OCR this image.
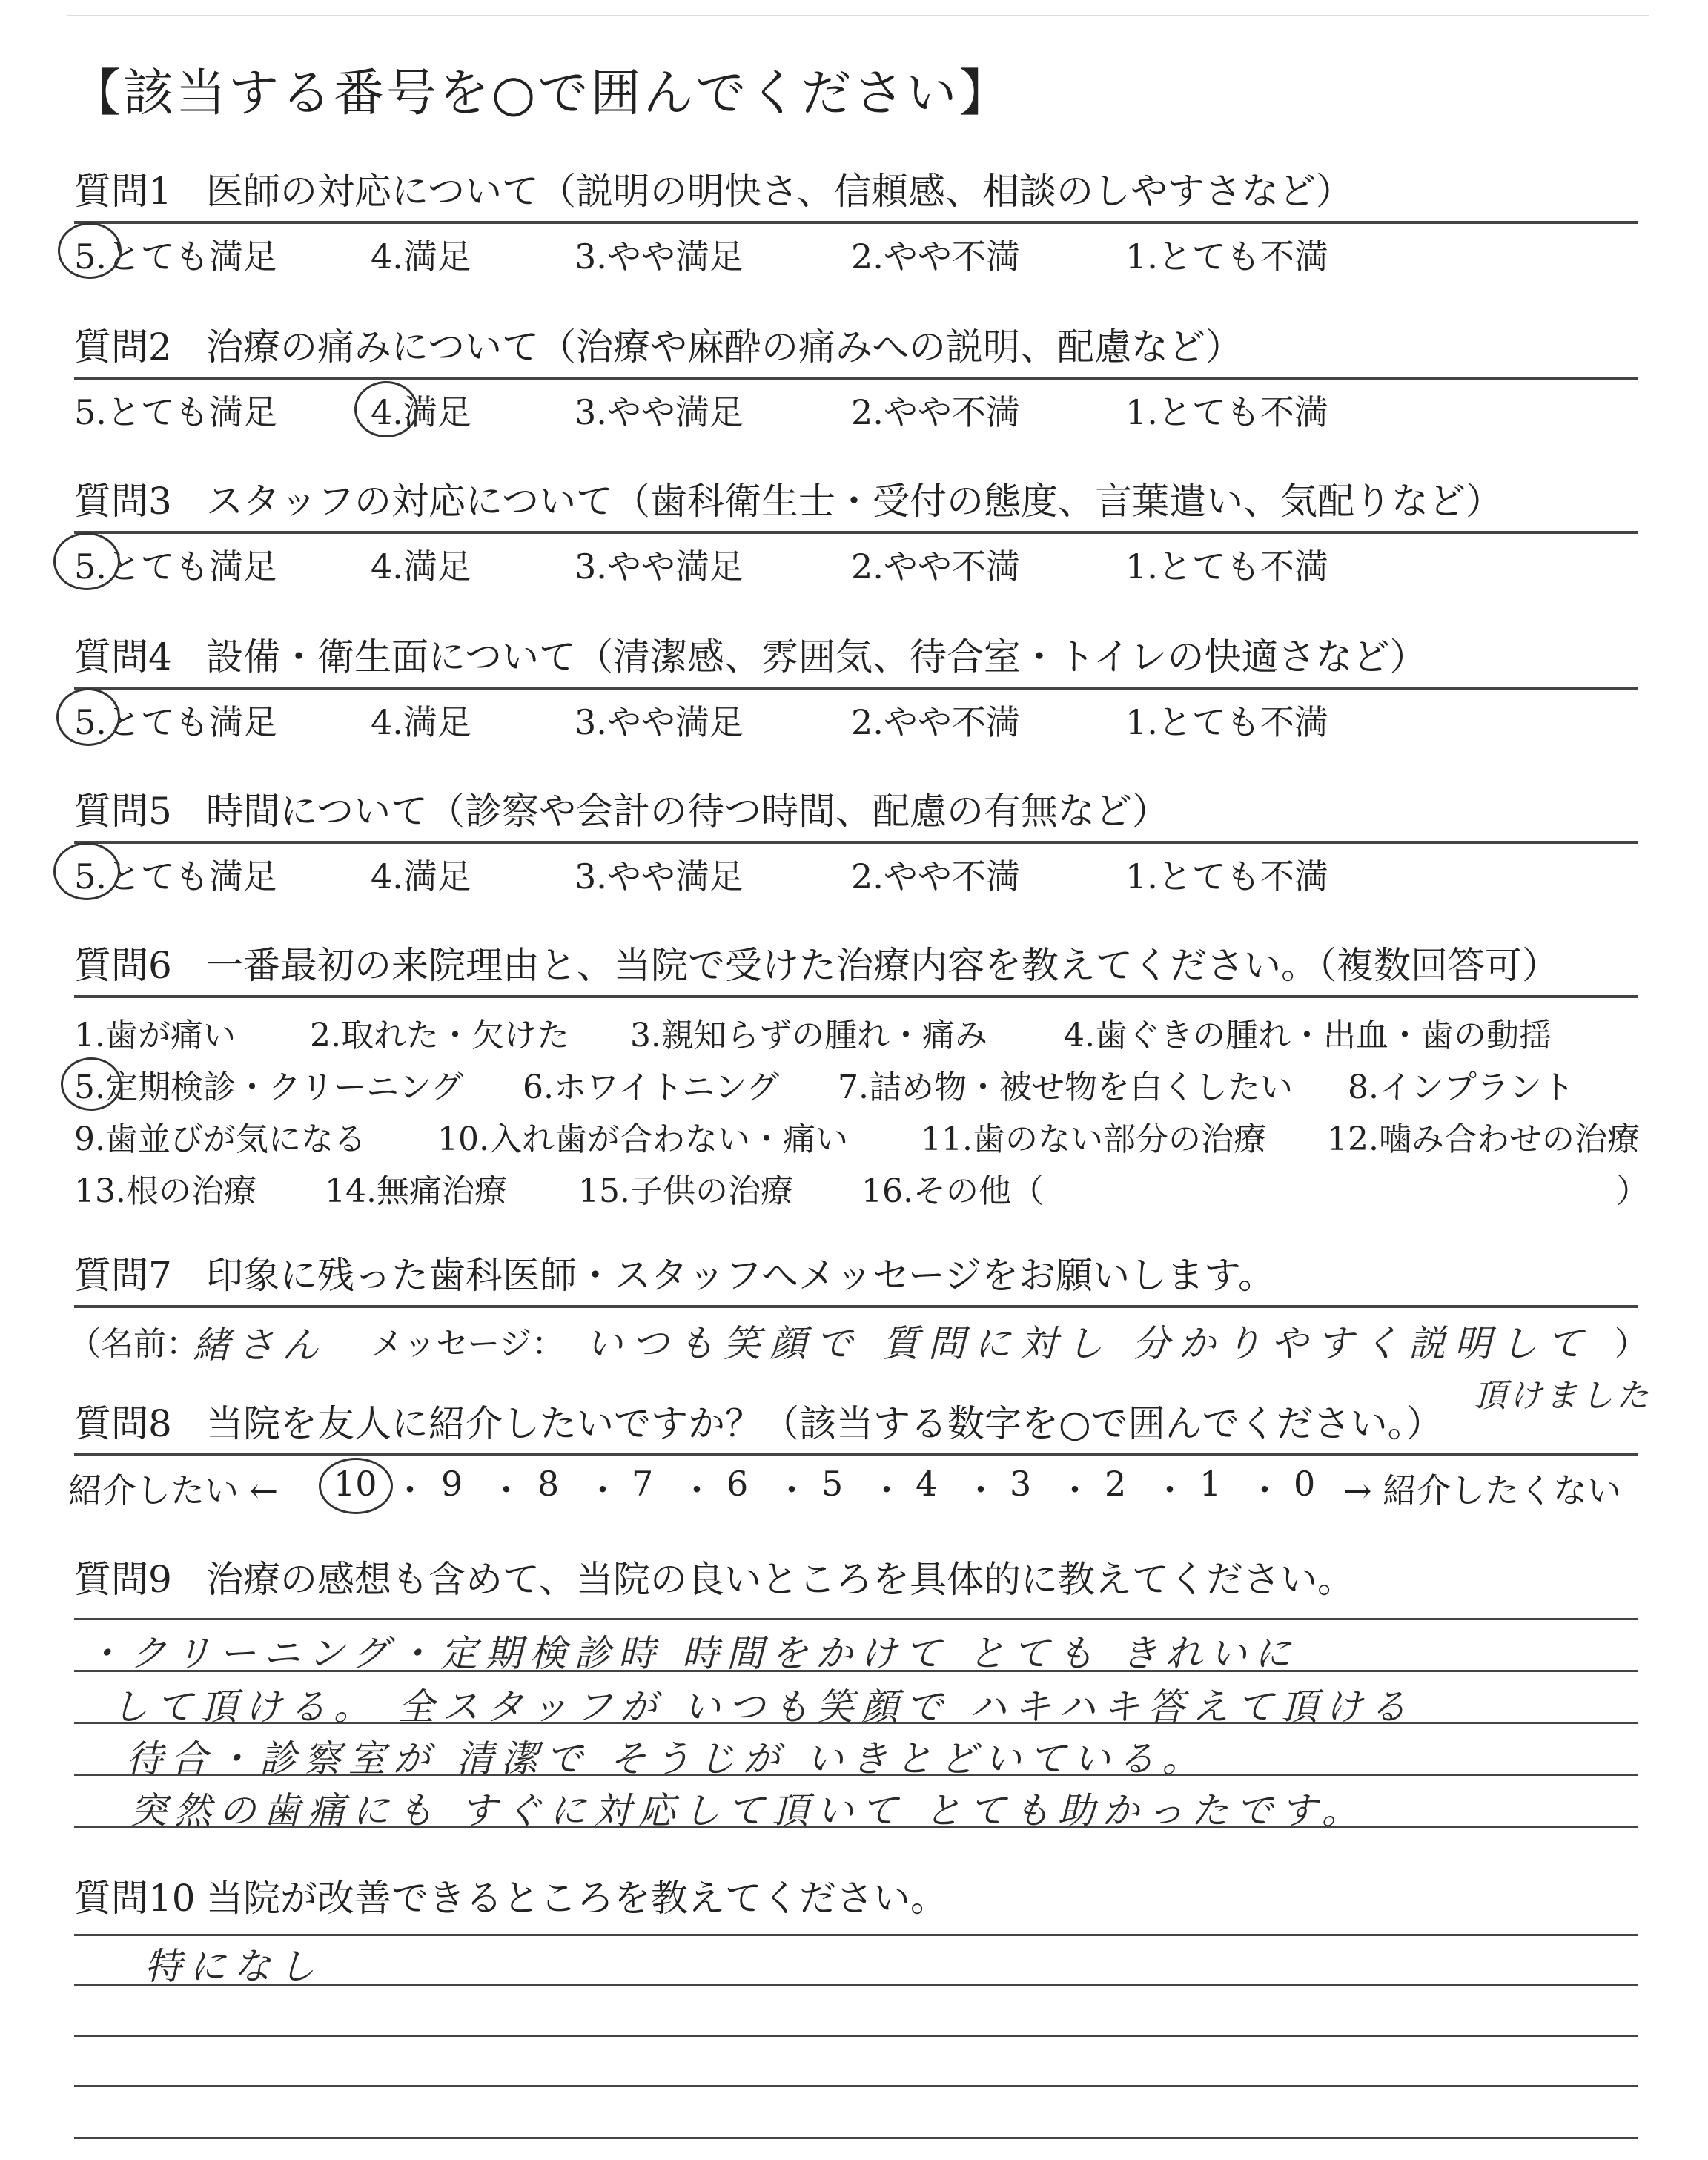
【該当する番号を○で囲んでください】
質問1 医師の対応について（説明の明快さ、信頼感、相談のしやすさなど）
5.とても満足	4.満足	3.やや満足	2.やや不満	1.とても不満
質問2 治療の痛みについて（治療や麻酔の痛みへの説明、配慮など）
5.とても満足	4.満足	3.やや満足	2.やや不満	1.とても不満
質問3 スタッフの対応について（歯科衛生士・受付の態度、言葉遣い、気配りなど）
5.とても満足	4.満足	3.やや満足	2.やや不満	1.とても不満
質問4 設備・衛生面について（清潔感、雰囲気、待合室・トイレの快適さなど）
5.とても満足	4.満足	3.やや満足	2.やや不満	1.とても不満
質問5 時間について（診察や会計の待つ時間、配慮の有無など）
5.とても満足	4.満足	3.やや満足	2.やや不満	1.とても不満
質問6 一番最初の来院理由と、当院で受けた治療内容を教えてください。（複数回答可）
1.歯が痛い 2.取れた・欠けた 3.親知らずの腫れ・痛み 4.歯ぐきの腫れ・出血・歯の動揺
5.定期検診・クリーニング 6.ホワイトニング 7.詰め物・被せ物を白くしたい 8.インプラント
9.歯並びが気になる 10.入れ歯が合わない・痛い 11.歯のない部分の治療 12.噛み合わせの治療
13.根の治療 14.無痛治療 15.子供の治療 16.その他（	）
質問7 印象に残った歯科医師・スタッフへメッセージをお願いします。
（名前：
緒さん メッセージ： いつも笑顔で 質問に対し 分かりやすく説明して ）
頂けました
質問8 当院を友人に紹介したいですか？（該当する数字を○で囲んでください。）
紹介したい ← 10 ・ 9 ・ 8 ・ 7 ・ 6 ・ 5 ・ 4 ・ 3 ・ 2 ・ 1 ・ 0 → 紹介したくない
質問9 治療の感想も含めて、当院の良いところを具体的に教えてください。
・クリーニング・定期検診時 時間をかけて とても きれいに
して頂ける。 全スタッフが いつも笑顔で ハキハキ答えて頂ける
待合・診察室が 清潔で そうじが いきとどいている。
突然の歯痛にも すぐに対応して頂いて とても助かったです。
質問10 当院が改善できるところを教えてください。
特になし
